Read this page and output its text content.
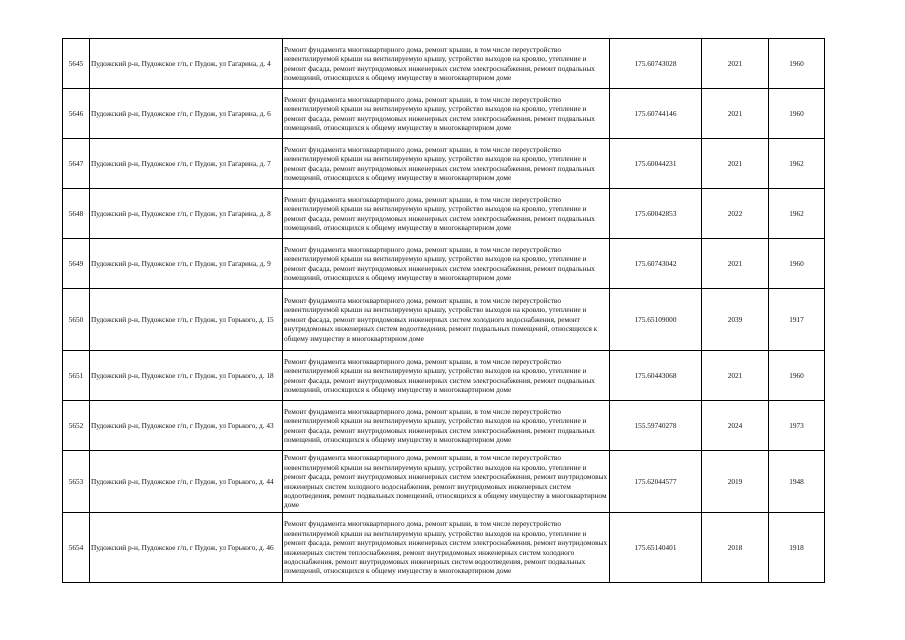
5645	Пудожский р-н, Пудожское г/п, г Пудож, ул Гагарина, д. 4	Ремонт фундамента многоквартирного дома, ремонт крыши, в том числе переустройство невентилируемой крыши на вентилируемую крышу, устройство выходов на кровлю, утепление и ремонт фасада, ремонт внутридомовых инженерных систем электроснабжения, ремонт подвальных помещений, относящихся к общему имуществу в многоквартирном доме	175.60743028	2021	1960
5646	Пудожский р-н, Пудожское г/п, г Пудож, ул Гагарина, д. 6	Ремонт фундамента многоквартирного дома, ремонт крыши, в том числе переустройство невентилируемой крыши на вентилируемую крышу, устройство выходов на кровлю, утепление и ремонт фасада, ремонт внутридомовых инженерных систем электроснабжения, ремонт подвальных помещений, относящихся к общему имуществу в многоквартирном доме	175.60744146	2021	1960
5647	Пудожский р-н, Пудожское г/п, г Пудож, ул Гагарина, д. 7	Ремонт фундамента многоквартирного дома, ремонт крыши, в том числе переустройство невентилируемой крыши на вентилируемую крышу, устройство выходов на кровлю, утепление и ремонт фасада, ремонт внутридомовых инженерных систем электроснабжения, ремонт подвальных помещений, относящихся к общему имуществу в многоквартирном доме	175.60044231	2021	1962
5648	Пудожский р-н, Пудожское г/п, г Пудож, ул Гагарина, д. 8	Ремонт фундамента многоквартирного дома, ремонт крыши, в том числе переустройство невентилируемой крыши на вентилируемую крышу, устройство выходов на кровлю, утепление и ремонт фасада, ремонт внутридомовых инженерных систем электроснабжения, ремонт подвальных помещений, относящихся к общему имуществу в многоквартирном доме	175.60042853	2022	1962
5649	Пудожский р-н, Пудожское г/п, г Пудож, ул Гагарина, д. 9	Ремонт фундамента многоквартирного дома, ремонт крыши, в том числе переустройство невентилируемой крыши на вентилируемую крышу, устройство выходов на кровлю, утепление и ремонт фасада, ремонт внутридомовых инженерных систем электроснабжения, ремонт подвальных помещений, относящихся к общему имуществу в многоквартирном доме	175.60743042	2021	1960
5650	Пудожский р-н, Пудожское г/п, г Пудож, ул Горького, д. 15	Ремонт фундамента многоквартирного дома, ремонт крыши, в том числе переустройство невентилируемой крыши на вентилируемую крышу, устройство выходов на кровлю, утепление и ремонт фасада, ремонт внутридомовых инженерных систем холодного водоснабжения, ремонт внутридомовых инженерных систем водоотведения, ремонт подвальных помещений, относящихся к общему имуществу в многоквартирном доме	175.65109000	2039	1917
5651	Пудожский р-н, Пудожское г/п, г Пудож, ул Горького, д. 18	Ремонт фундамента многоквартирного дома, ремонт крыши, в том числе переустройство невентилируемой крыши на вентилируемую крышу, устройство выходов на кровлю, утепление и ремонт фасада, ремонт внутридомовых инженерных систем электроснабжения, ремонт подвальных помещений, относящихся к общему имуществу в многоквартирном доме	175.60443068	2021	1960
5652	Пудожский р-н, Пудожское г/п, г Пудож, ул Горького, д. 43	Ремонт фундамента многоквартирного дома, ремонт крыши, в том числе переустройство невентилируемой крыши на вентилируемую крышу, устройство выходов на кровлю, утепление и ремонт фасада, ремонт внутридомовых инженерных систем электроснабжения, ремонт подвальных помещений, относящихся к общему имуществу в многоквартирном доме	155.59740278	2024	1973
5653	Пудожский р-н, Пудожское г/п, г Пудож, ул Горького, д. 44	Ремонт фундамента многоквартирного дома, ремонт крыши, в том числе переустройство невентилируемой крыши на вентилируемую крышу, устройство выходов на кровлю, утепление и ремонт фасада, ремонт внутридомовых инженерных систем электроснабжения, ремонт внутридомовых инженерных систем холодного водоснабжения, ремонт внутридомовых инженерных систем водоотведения, ремонт подвальных помещений, относящихся к общему имуществу в многоквартирном доме	175.62044577	2019	1948
5654	Пудожский р-н, Пудожское г/п, г Пудож, ул Горького, д. 46	Ремонт фундамента многоквартирного дома, ремонт крыши, в том числе переустройство невентилируемой крыши на вентилируемую крышу, устройство выходов на кровлю, утепление и ремонт фасада, ремонт внутридомовых инженерных систем электроснабжения, ремонт внутридомовых инженерных систем теплоснабжения, ремонт внутридомовых инженерных систем холодного водоснабжения, ремонт внутридомовых инженерных систем водоотведения, ремонт подвальных помещений, относящихся к общему имуществу в многоквартирном доме	175.65140401	2018	1918
